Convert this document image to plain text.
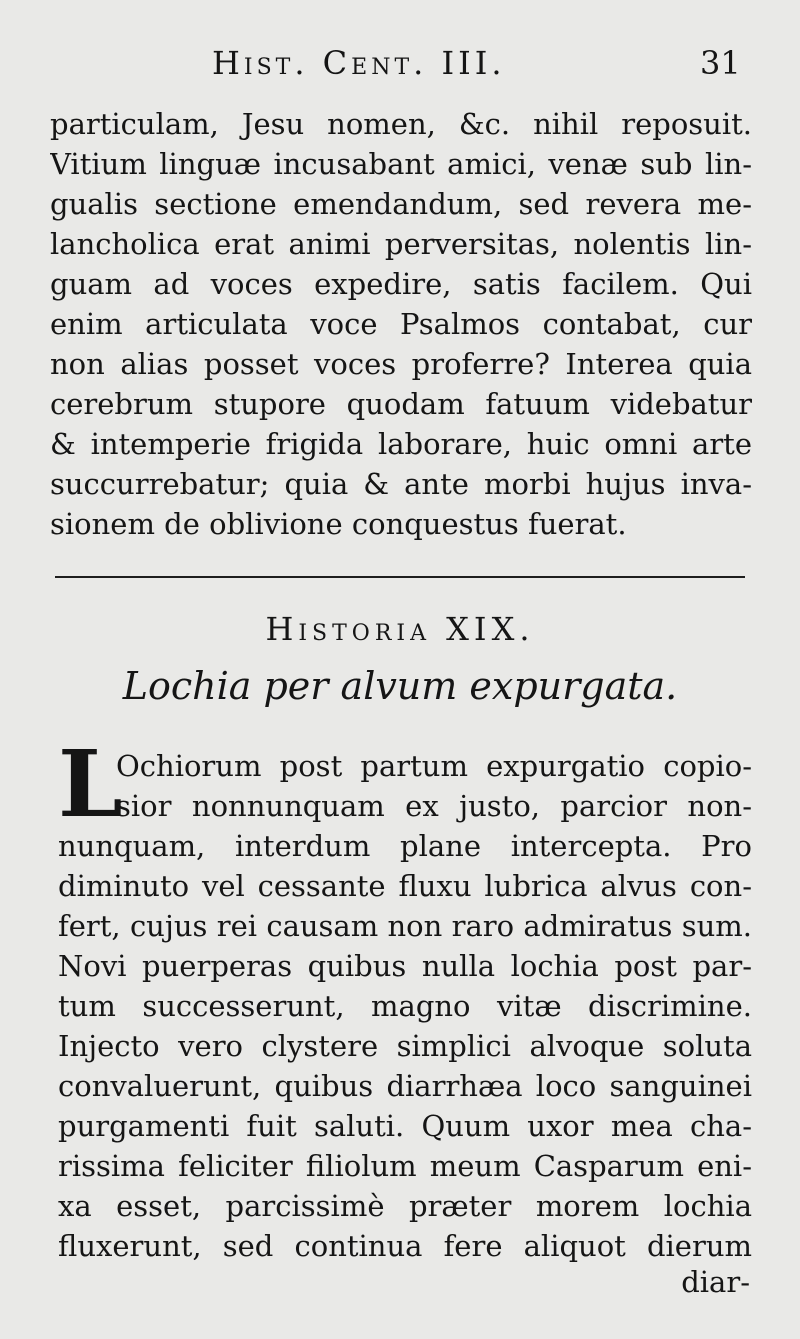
Hist. Cent. III.	31
particulam, Jesu nomen, &c. nihil reposuit.
Vitium linguæ incusabant amici, venæ sub lin-
gualis sectione emendandum, sed revera me-
lancholica erat animi perversitas, nolentis lin-
guam ad voces expedire, satis facilem. Qui
enim articulata voce Psalmos contabat, cur
non alias posset voces proferre? Interea quia
cerebrum stupore quodam fatuum videbatur
& intemperie frigida laborare, huic omni arte
succurrebatur; quia & ante morbi hujus inva-
sionem de oblivione conquestus fuerat.
Historia XIX.
Lochia per alvum expurgata.
L
Ochiorum post partum expurgatio copio-
sior nonnunquam ex justo, parcior non-
nunquam, interdum plane intercepta. Pro
diminuto vel cessante fluxu lubrica alvus con-
fert, cujus rei causam non raro admiratus sum.
Novi puerperas quibus nulla lochia post par-
tum successerunt, magno vitæ discrimine.
Injecto vero clystere simplici alvoque soluta
convaluerunt, quibus diarrhæa loco sanguinei
purgamenti fuit saluti. Quum uxor mea cha-
rissima feliciter filiolum meum Casparum eni-
xa esset, parcissimè præter morem lochia
fluxerunt, sed continua fere aliquot dierum
diar-
